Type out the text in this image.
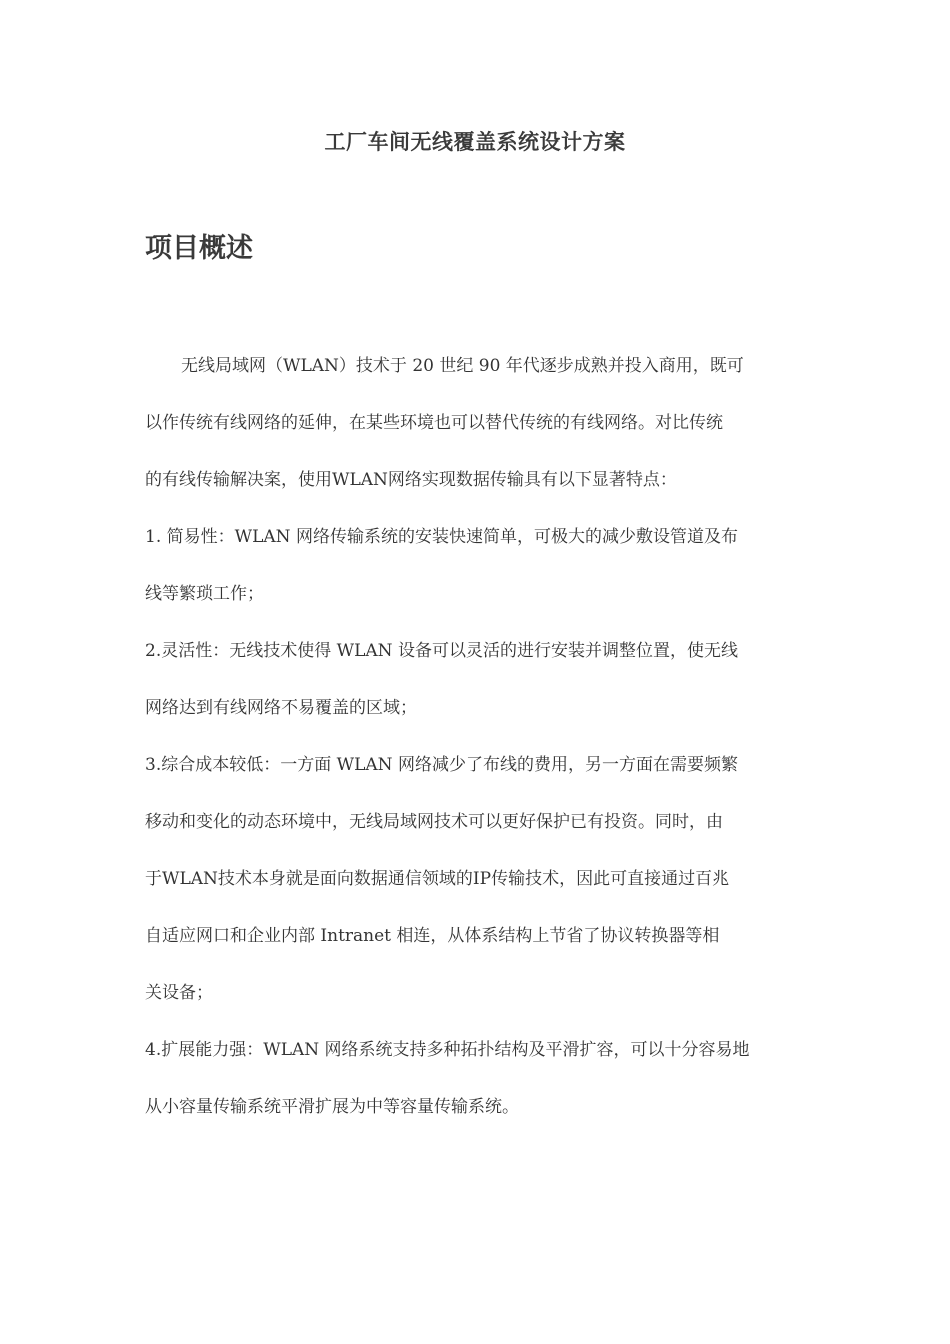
工厂车间无线覆盖系统设计方案
项目概述
无线局域网（WLAN）技术于 20 世纪 90 年代逐步成熟并投入商用，既可
以作传统有线网络的延伸，在某些环境也可以替代传统的有线网络。对比传统
的有线传输解决案，使用WLAN网络实现数据传输具有以下显著特点：
1. 简易性：WLAN 网络传输系统的安装快速简单，可极大的减少敷设管道及布
线等繁琐工作；
2.灵活性：无线技术使得 WLAN 设备可以灵活的进行安装并调整位置，使无线
网络达到有线网络不易覆盖的区域；
3.综合成本较低：一方面 WLAN 网络减少了布线的费用，另一方面在需要频繁
移动和变化的动态环境中，无线局域网技术可以更好保护已有投资。同时，由
于WLAN技术本身就是面向数据通信领域的IP传输技术，因此可直接通过百兆
自适应网口和企业内部 Intranet 相连，从体系结构上节省了协议转换器等相
关设备；
4.扩展能力强：WLAN 网络系统支持多种拓扑结构及平滑扩容，可以十分容易地
从小容量传输系统平滑扩展为中等容量传输系统。
